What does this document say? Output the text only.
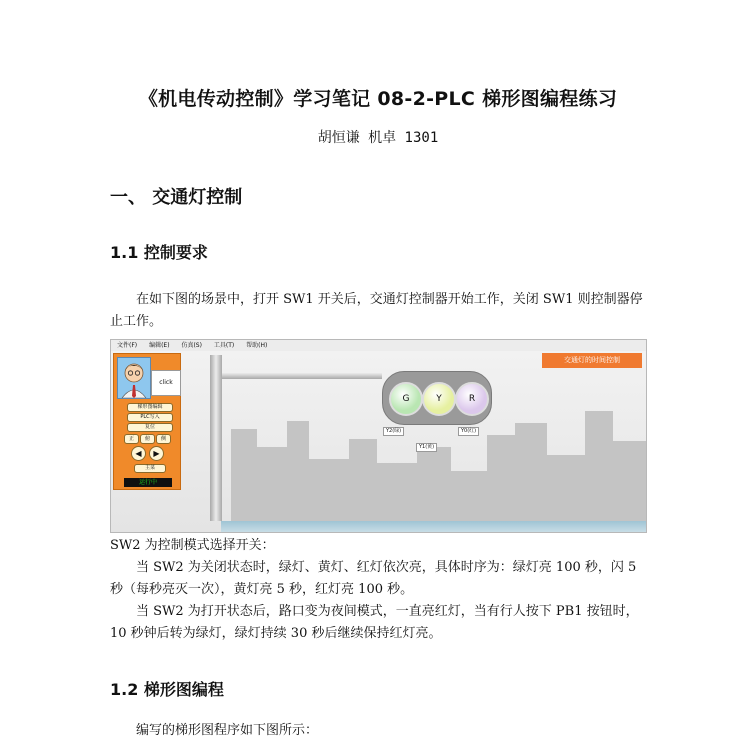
《机电传动控制》学习笔记 08-2-PLC 梯形图编程练习
胡恒谦 机卓 1301
一、 交通灯控制
1.1 控制要求
在如下图的场景中，打开 SW1 开关后，交通灯控制器开始工作，关闭 SW1 则控制器停止工作。
文件(F) 编辑(E) 仿真(S) 工具(T) 帮助(H)
click
梯形图编辑
PLC写入
复位
正	俯	侧
◀	▶
主菜
运行中
G	Y	R
Y2(绿)	Y0(红)
Y1(黄)
交通灯的时间控制
SW2 为控制模式选择开关：
当 SW2 为关闭状态时，绿灯、黄灯、红灯依次亮，具体时序为：绿灯亮 100 秒，闪 5 秒（每秒亮灭一次），黄灯亮 5 秒，红灯亮 100 秒。
当 SW2 为打开状态后，路口变为夜间模式，一直亮红灯，当有行人按下 PB1 按钮时，10 秒钟后转为绿灯，绿灯持续 30 秒后继续保持红灯亮。
1.2 梯形图编程
编写的梯形图程序如下图所示：
